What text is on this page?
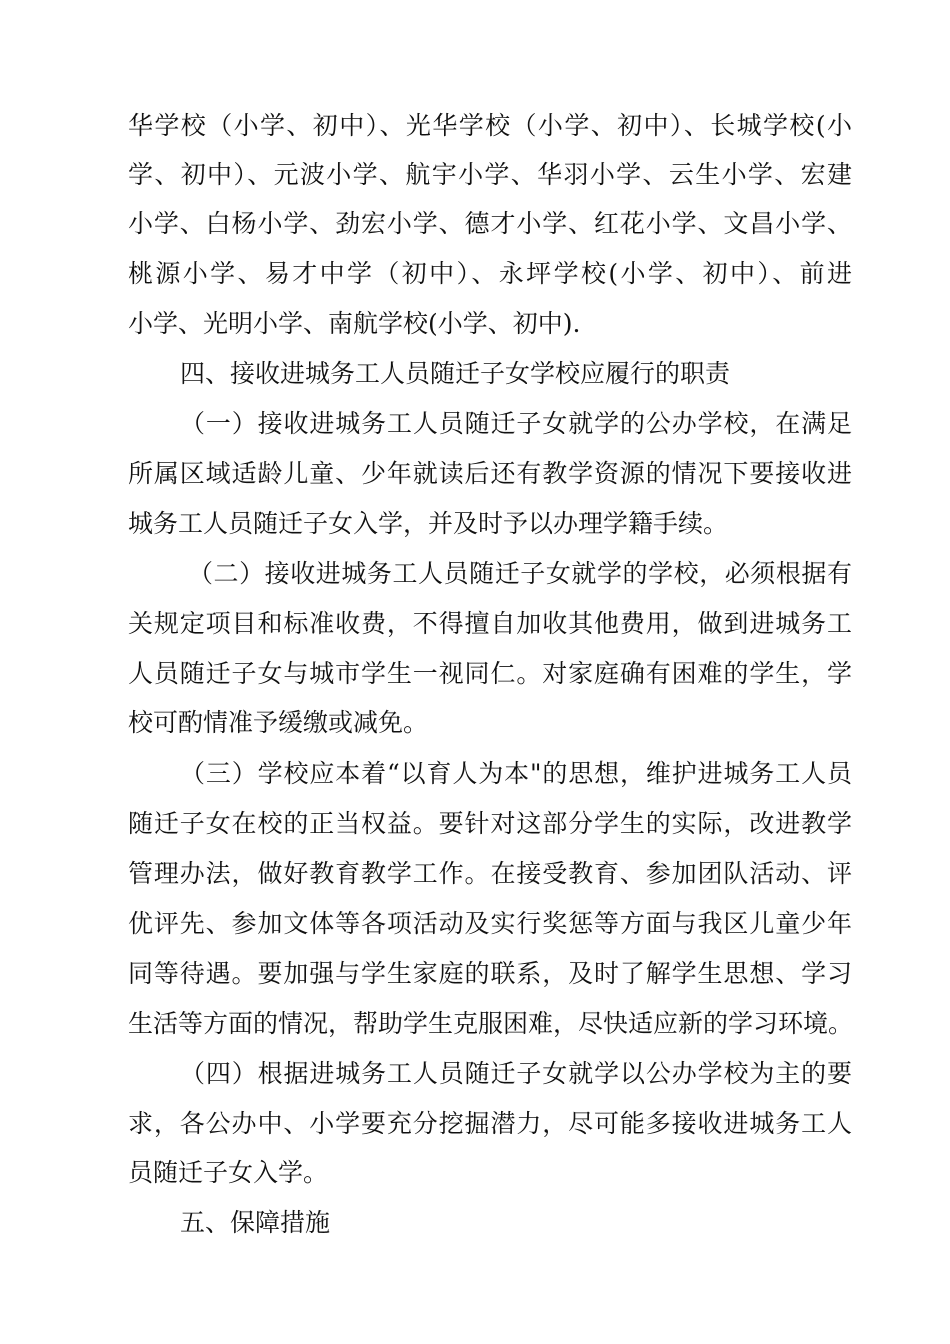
华学校（小学、初中）、光华学校（小学、初中）、长城学校(小
学、初中）、元波小学、航宇小学、华羽小学、云生小学、宏建
小学、白杨小学、劲宏小学、德才小学、红花小学、文昌小学、
桃源小学、易才中学（初中）、永坪学校(小学、初中）、前进
小学、光明小学、南航学校(小学、初中).
四、接收进城务工人员随迁子女学校应履行的职责
（一）接收进城务工人员随迁子女就学的公办学校，在满足
所属区域适龄儿童、少年就读后还有教学资源的情况下要接收进
城务工人员随迁子女入学，并及时予以办理学籍手续。
（二）接收进城务工人员随迁子女就学的学校，必须根据有
关规定项目和标准收费，不得擅自加收其他费用，做到进城务工
人员随迁子女与城市学生一视同仁。对家庭确有困难的学生，学
校可酌情准予缓缴或减免。
（三）学校应本着“以育人为本"的思想，维护进城务工人员
随迁子女在校的正当权益。要针对这部分学生的实际，改进教学
管理办法，做好教育教学工作。在接受教育、参加团队活动、评
优评先、参加文体等各项活动及实行奖惩等方面与我区儿童少年
同等待遇。要加强与学生家庭的联系，及时了解学生思想、学习
生活等方面的情况，帮助学生克服困难，尽快适应新的学习环境。
（四）根据进城务工人员随迁子女就学以公办学校为主的要
求，各公办中、小学要充分挖掘潜力，尽可能多接收进城务工人
员随迁子女入学。
五、保障措施
